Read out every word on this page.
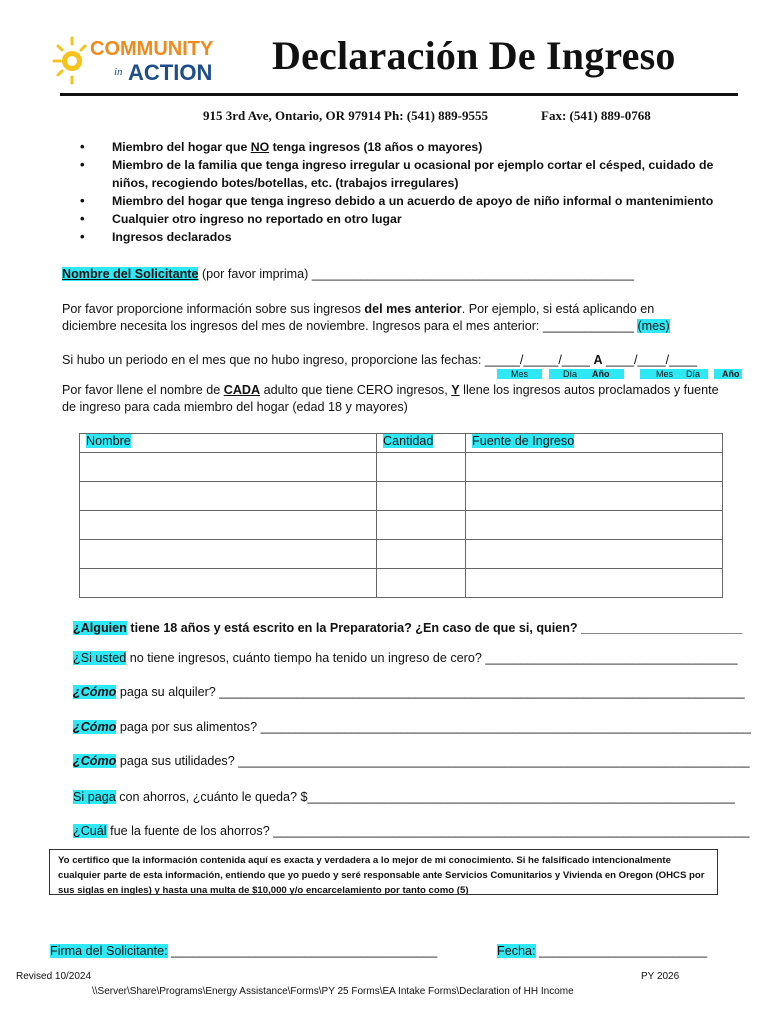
COMMUNITY
in ACTION Declaración De Ingreso
915 3rd Ave, Ontario, OR 97914 Ph: (541) 889-9555	Fax: (541) 889-0768
• Miembro del hogar que NO tenga ingresos (18 años o mayores)
• Miembro de la familia que tenga ingreso irregular u ocasional por ejemplo cortar el césped, cuidado de niños, recogiendo botes/botellas, etc. (trabajos irregulares)
• Miembro del hogar que tenga ingreso debido a un acuerdo de apoyo de niño informal o mantenimiento
• Cualquier otro ingreso no reportado en otro lugar
• Ingresos declarados
Nombre del Solicitante (por favor imprima) ______________________________________________
Por favor proporcione información sobre sus ingresos del mes anterior. Por ejemplo, si está aplicando en diciembre necesita los ingresos del mes de noviembre. Ingresos para el mes anterior: _____________ (mes)
Si hubo un periodo en el mes que no hubo ingreso, proporcione las fechas: _____/_____/____ A ____/____/____
Mes	Día	Año	Mes	Día	Año
Por favor llene el nombre de CADA adulto que tiene CERO ingresos, Y llene los ingresos autos proclamados y fuente de ingreso para cada miembro del hogar (edad 18 y mayores)
Nombre	Cantidad	Fuente de Ingreso

¿Alguien tiene 18 años y está escrito en la Preparatoria? ¿En caso de que si, quien? _______________________
¿Si usted no tiene ingresos, cuánto tiempo ha tenido un ingreso de cero? ____________________________________
¿Cómo paga su alquiler? ___________________________________________________________________________
¿Cómo paga por sus alimentos? ______________________________________________________________________
¿Cómo paga sus utilidades? _________________________________________________________________________
Si paga con ahorros, ¿cuánto le queda? $_____________________________________________________________
¿Cuál fue la fuente de los ahorros? ____________________________________________________________________
Yo certifico que la información contenida aquí es exacta y verdadera a lo mejor de mi conocimiento. Si he falsificado intencionalmente cualquier parte de esta información, entiendo que yo puedo y seré responsable ante Servicios Comunitarios y Vivienda en Oregon (OHCS por sus siglas en ingles) y hasta una multa de $10,000 y/o encarcelamiento por tanto como (5)
Firma del Solicitante: ______________________________________	Fecha: ________________________
Revised 10/2024	PY 2026
\\Server\Share\Programs\Energy Assistance\Forms\PY 25 Forms\EA Intake Forms\Declaration of HH Income
